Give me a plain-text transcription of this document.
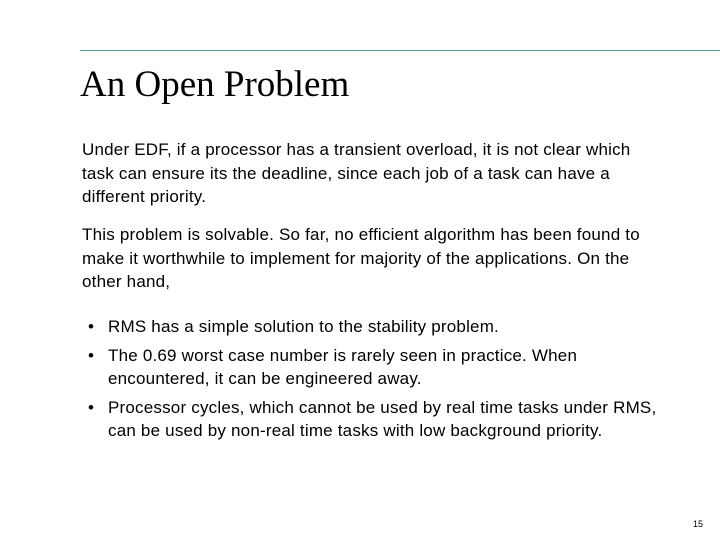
An Open Problem

Under EDF, if a processor has a transient overload, it is not clear which task can ensure its the deadline, since each job of a task can have a different priority.

This problem is solvable. So far, no efficient algorithm has been found to make it worthwhile to implement for majority of the applications. On the other hand,

• RMS has a simple solution to the stability problem.
• The 0.69 worst case number is rarely seen in practice. When encountered, it can be engineered away.
• Processor cycles, which cannot be used by real time tasks under RMS, can be used by non-real time tasks with low background priority.
15
